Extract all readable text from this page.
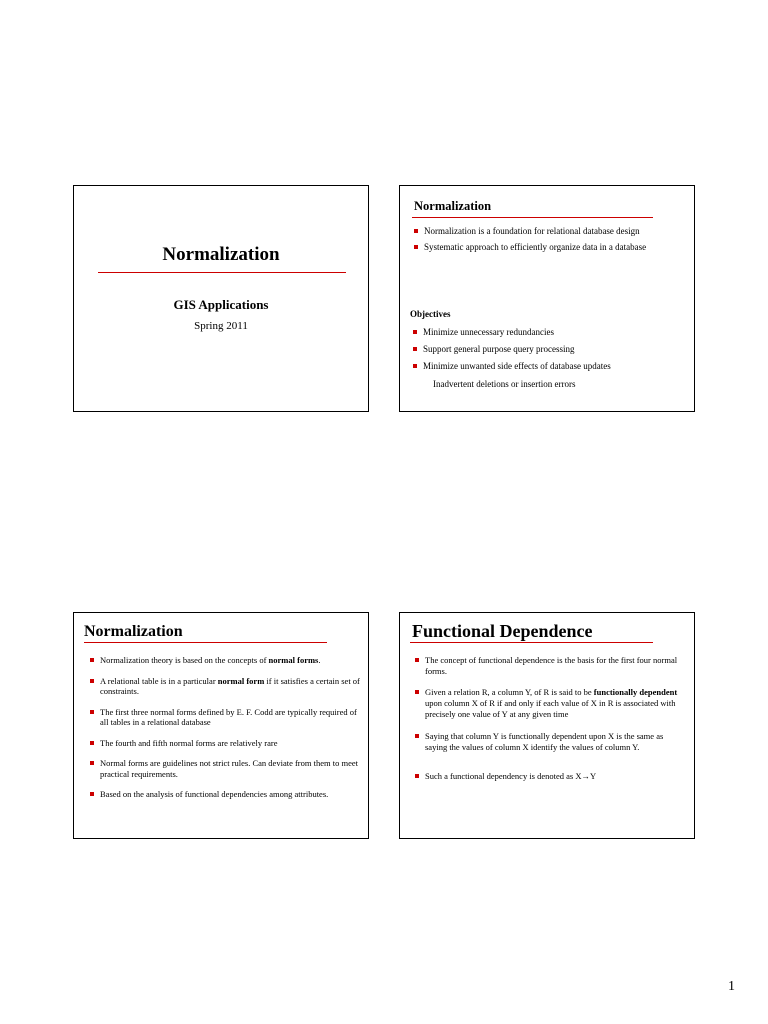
Normalization
GIS Applications
Spring 2011
Normalization
Normalization is a foundation for relational database design
Systematic approach to efficiently organize data in a database
Objectives
Minimize unnecessary redundancies
Support general purpose query processing
Minimize unwanted side effects of database updates
Inadvertent deletions or insertion errors
Normalization
Normalization theory is based on the concepts of normal forms.
A relational table is in a particular normal form if it satisfies a certain set of constraints.
The first three normal forms defined by E. F. Codd are typically required of all tables in a relational database
The fourth and fifth normal forms are relatively rare
Normal forms are guidelines not strict rules. Can deviate from them to meet practical requirements.
Based on the analysis of functional dependencies among attributes.
Functional Dependence
The concept of functional dependence is the basis for the first four normal forms.
Given a relation R, a column Y, of R is said to be functionally dependent upon column X of R if and only if each value of X in R is associated with precisely one value of Y at any given time
Saying that column Y is functionally dependent upon X is the same as saying the values of column X identify the values of column Y.
Such a functional dependency is denoted as X→Y
1
